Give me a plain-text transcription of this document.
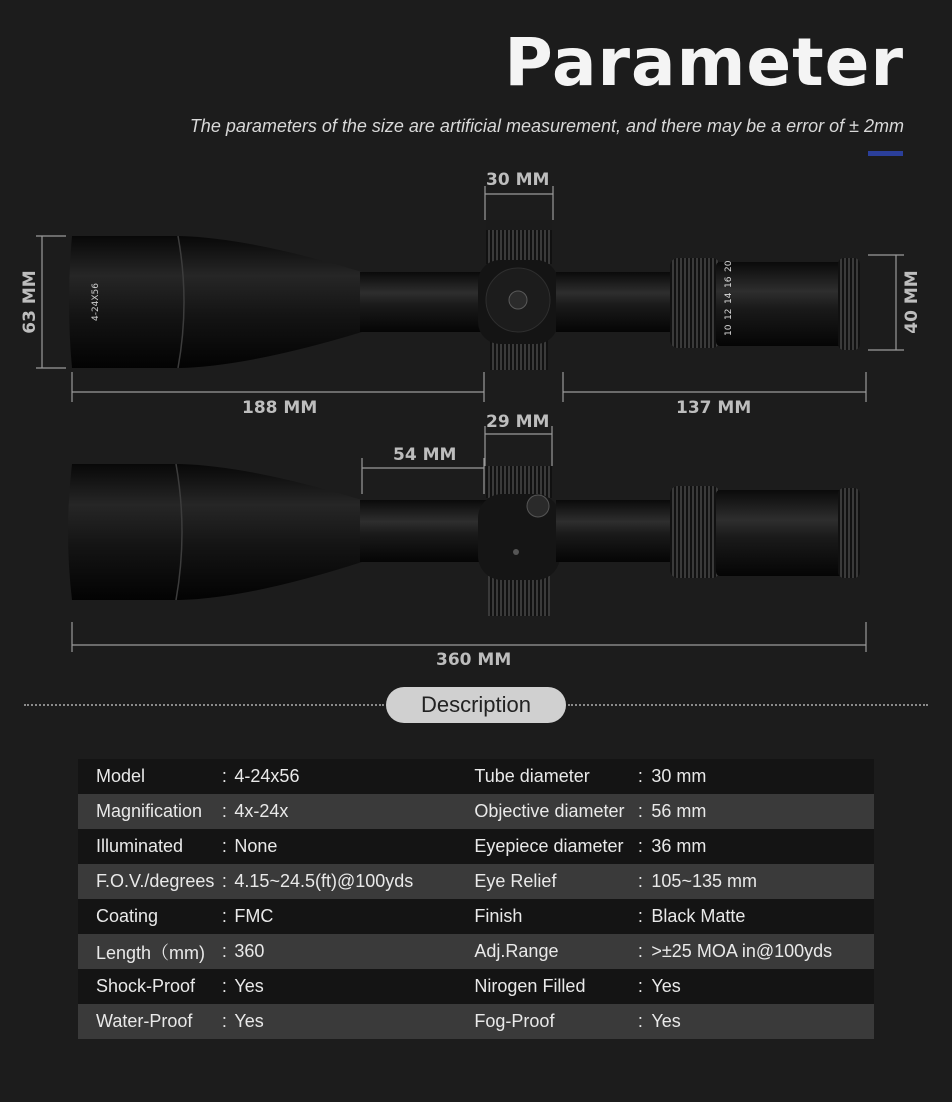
Parameter
The parameters of the size are artificial measurement, and there may be a error of ± 2mm
4-24X56
20
16
14
12
10
30 MM
63 MM	40 MM
188 MM	137 MM
29 MM
54 MM
360 MM
Description
Model	:	4-24x56	Tube diameter	:	30 mm
Magnification	:	4x-24x	Objective diameter	:	56 mm
Illuminated	:	None	Eyepiece diameter	:	36 mm
F.O.V./degrees	:	4.15~24.5(ft)@100yds	Eye Relief	:	105~135 mm
Coating	:	FMC	Finish	:	Black Matte
Length（mm)	:	360	Adj.Range	:	>±25 MOA in@100yds
Shock-Proof	:	Yes	Nirogen Filled	:	Yes
Water-Proof	:	Yes	Fog-Proof	:	Yes
